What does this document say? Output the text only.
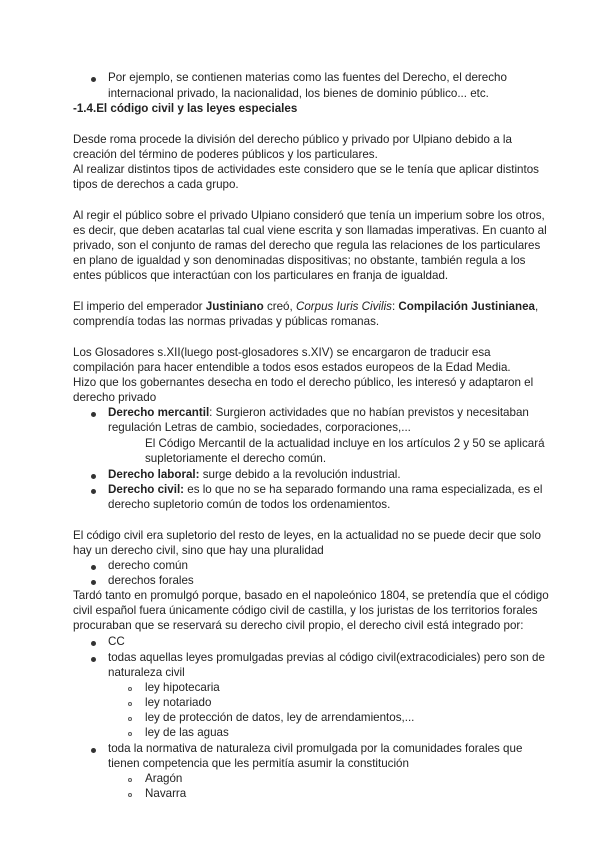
Por ejemplo, se contienen materias como las fuentes del Derecho, el derecho
internacional privado, la nacionalidad, los bienes de dominio público... etc.
-1.4.El código civil y las leyes especiales
Desde roma procede la división del derecho público y privado por Ulpiano debido a la
creación del término de poderes públicos y los particulares.
Al realizar distintos tipos de actividades este considero que se le tenía que aplicar distintos
tipos de derechos a cada grupo.
Al regir el público sobre el privado Ulpiano consideró que tenía un imperium sobre los otros,
es decir, que deben acatarlas tal cual viene escrita y son llamadas imperativas. En cuanto al
privado, son el conjunto de ramas del derecho que regula las relaciones de los particulares
en plano de igualdad y son denominadas dispositivas; no obstante, también regula a los
entes públicos que interactúan con los particulares en franja de igualdad.
El imperio del emperador Justiniano creó, Corpus Iuris Civilis: Compilación Justinianea,
comprendía todas las normas privadas y públicas romanas.
Los Glosadores s.XII(luego post-glosadores s.XIV) se encargaron de traducir esa
compilación para hacer entendible a todos esos estados europeos de la Edad Media.
Hizo que los gobernantes desecha en todo el derecho público, les interesó y adaptaron el
derecho privado
Derecho mercantil: Surgieron actividades que no habían previstos y necesitaban
regulación Letras de cambio, sociedades, corporaciones,...
El Código Mercantil de la actualidad incluye en los artículos 2 y 50 se aplicará
supletoriamente el derecho común.
Derecho laboral: surge debido a la revolución industrial.
Derecho civil: es lo que no se ha separado formando una rama especializada, es el
derecho supletorio común de todos los ordenamientos.
El código civil era supletorio del resto de leyes, en la actualidad no se puede decir que solo
hay un derecho civil, sino que hay una pluralidad
derecho común
derechos forales
Tardó tanto en promulgó porque, basado en el napoleónico 1804, se pretendía que el código
civil español fuera únicamente código civil de castilla, y los juristas de los territorios forales
procuraban que se reservará su derecho civil propio, el derecho civil está integrado por:
CC
todas aquellas leyes promulgadas previas al código civil(extracodiciales) pero son de
naturaleza civil
ley hipotecaria
ley notariado
ley de protección de datos, ley de arrendamientos,...
ley de las aguas
toda la normativa de naturaleza civil promulgada por la comunidades forales que
tienen competencia que les permitía asumir la constitución
Aragón
Navarra
